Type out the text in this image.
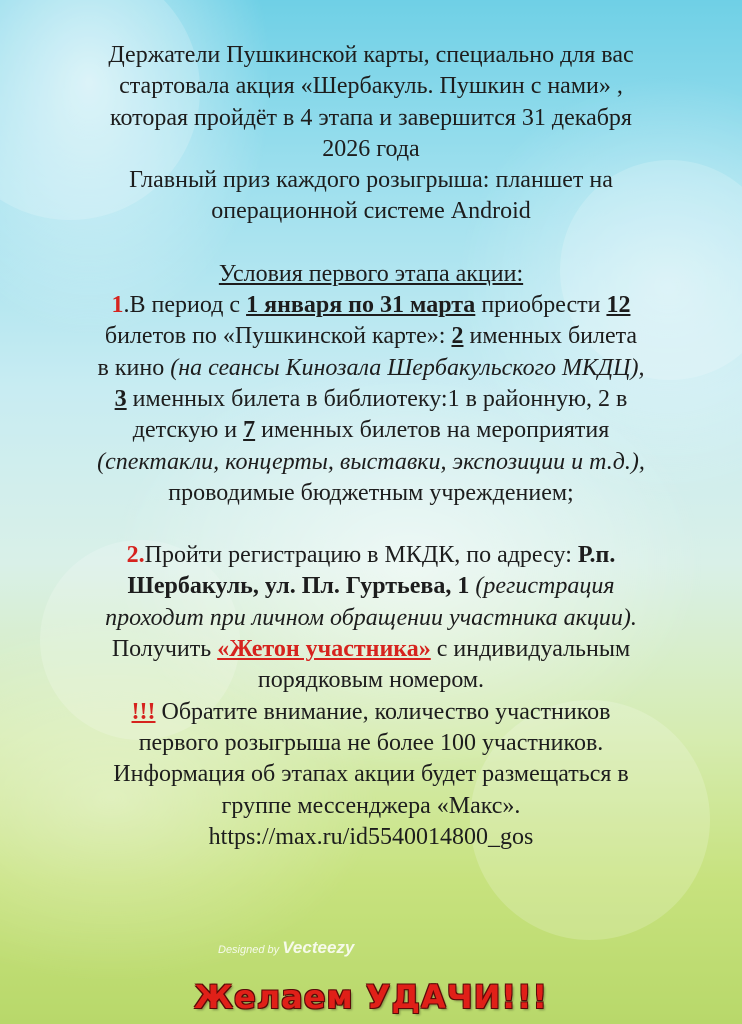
Держатели Пушкинской карты, специально для вас

стартовала акция «Шербакуль. Пушкин с нами» ,

которая пройдёт в 4 этапа и завершится 31 декабря

2026 года

Главный приз каждого розыгрыша: планшет на

операционной системе Android

Условия первого этапа акции:

1.В период с 1 января по 31 марта приобрести 12

билетов по «Пушкинской карте»: 2 именных билета

в кино (на сеансы Кинозала Шербакульского МКДЦ),

3 именных билета в библиотеку:1 в районную, 2 в

детскую и 7 именных билетов на мероприятия

(спектакли, концерты, выставки, экспозиции и т.д.),

проводимые бюджетным учреждением;

2.Пройти регистрацию в МКДК, по адресу: Р.п.

Шербакуль, ул. Пл. Гуртьева, 1 (регистрация

проходит при личном обращении участника акции).

Получить «Жетон участника» с индивидуальным

порядковым номером.

!!! Обратите внимание, количество участников

первого розыгрыша не более 100 участников.

Информация об этапах акции будет размещаться в

группе мессенджера «Макс».

https://max.ru/id5540014800_gos

Designed by Vecteezy
Желаем УДАЧИ!!!
